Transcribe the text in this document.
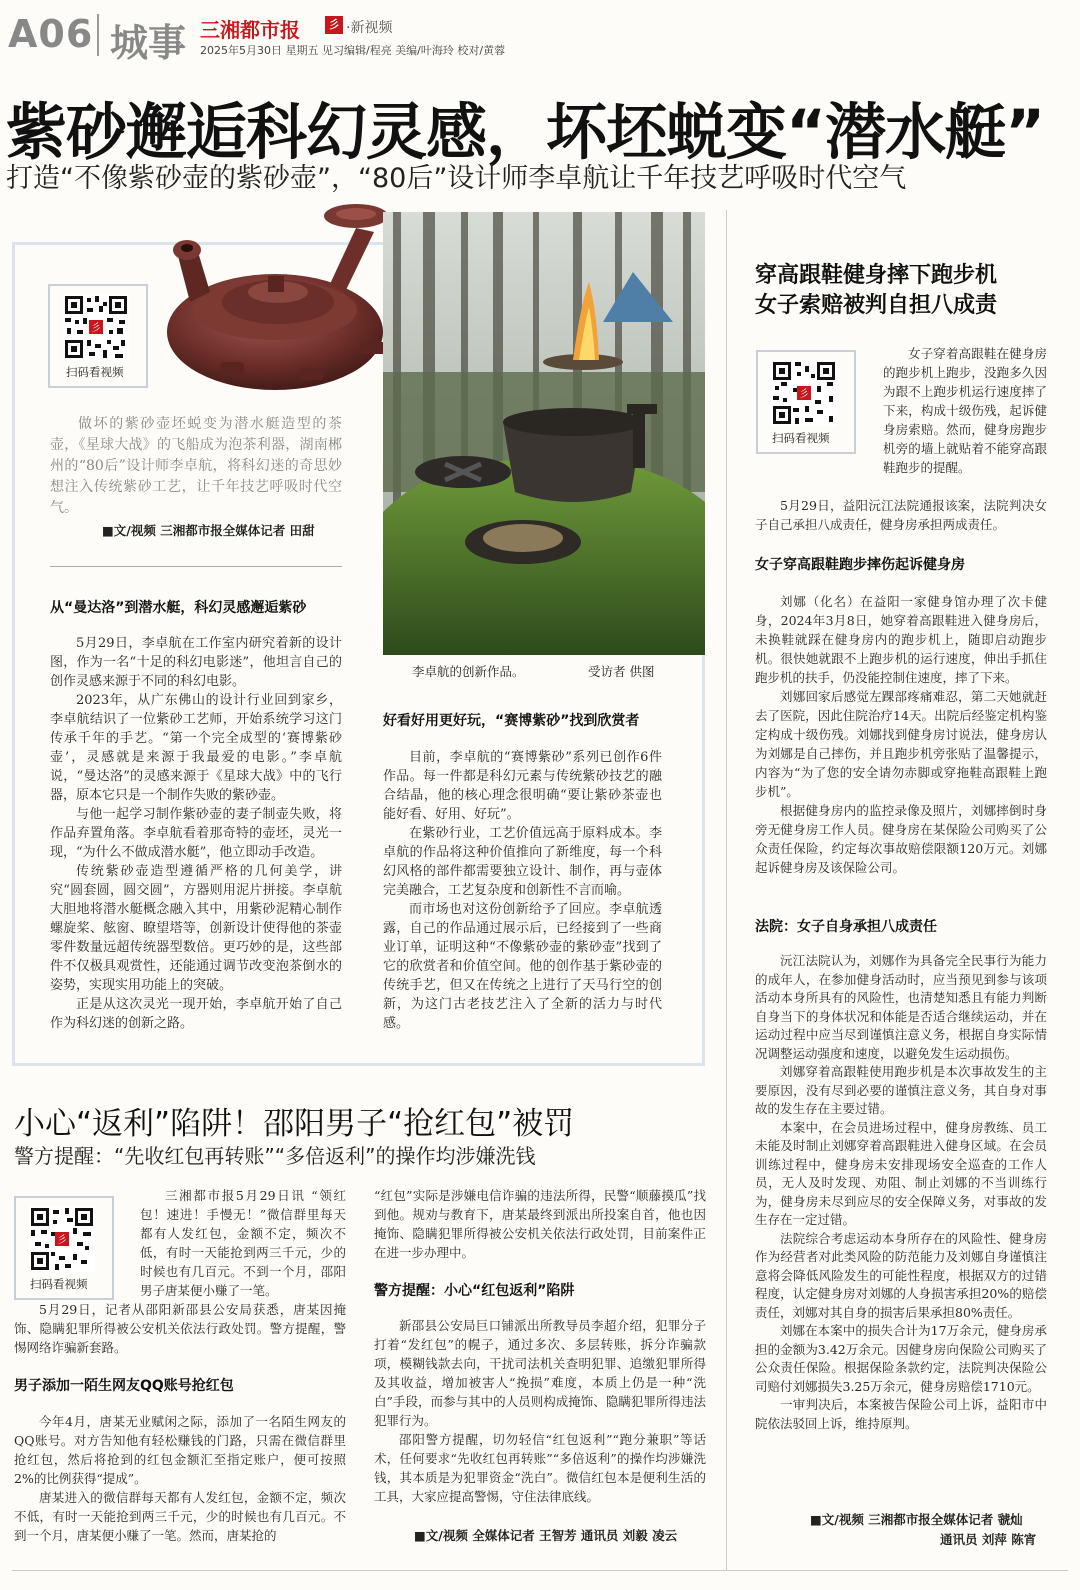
A06 城事 三湘都市报	彡 ·新视频
2025年5月30日 星期五 见习编辑/程亮 美编/叶海玲 校对/黄蓉
紫砂邂逅科幻灵感，坏坯蜕变“潜水艇”
打造“不像紫砂壶的紫砂壶”，“80后”设计师李卓航让千年技艺呼吸时代空气
彡
扫码看视频
做坏的紫砂壶坯蜕变为潜水艇造型的茶壶，《星球大战》的飞船成为泡茶利器，湖南郴州的“80后”设计师李卓航，将科幻迷的奇思妙想注入传统紫砂工艺，让千年技艺呼吸时代空气。
■文/视频 三湘都市报全媒体记者 田甜
李卓航的创新作品。	受访者 供图
从“曼达洛”到潜水艇，科幻灵感邂逅紫砂

5月29日，李卓航在工作室内研究着新的设计图，作为一名“十足的科幻电影迷”，他坦言自己的创作灵感来源于不同的科幻电影。

2023年，从广东佛山的设计行业回到家乡，李卓航结识了一位紫砂工艺师，开始系统学习这门传承千年的手艺。“第一个完全成型的‘赛博紫砂壶’，灵感就是来源于我最爱的电影。”李卓航说，“曼达洛”的灵感来源于《星球大战》中的飞行器，原本它只是一个制作失败的紫砂壶。

与他一起学习制作紫砂壶的妻子制壶失败，将作品弃置角落。李卓航看着那奇特的壶坯，灵光一现，“为什么不做成潜水艇”，他立即动手改造。

传统紫砂壶造型遵循严格的几何美学，讲究“圆套圆，圆交圆”，方器则用泥片拼接。李卓航大胆地将潜水艇概念融入其中，用紫砂泥精心制作螺旋桨、舷窗、瞭望塔等，创新设计使得他的茶壶零件数量远超传统器型数倍。更巧妙的是，这些部件不仅极具观赏性，还能通过调节改变泡茶倒水的姿势，实现实用功能上的突破。

正是从这次灵光一现开始，李卓航开始了自己作为科幻迷的创新之路。

好看好用更好玩，“赛博紫砂”找到欣赏者

目前，李卓航的“赛博紫砂”系列已创作6件作品。每一件都是科幻元素与传统紫砂技艺的融合结晶，他的核心理念很明确“要让紫砂茶壶也能好看、好用、好玩”。

在紫砂行业，工艺价值远高于原料成本。李卓航的作品将这种价值推向了新维度，每一个科幻风格的部件都需要独立设计、制作，再与壶体完美融合，工艺复杂度和创新性不言而喻。

而市场也对这份创新给予了回应。李卓航透露，自己的作品通过展示后，已经接到了一些商业订单，证明这种“不像紫砂壶的紫砂壶”找到了它的欣赏者和价值空间。他的创作基于紫砂壶的传统手艺，但又在传统之上进行了天马行空的创新，为这门古老技艺注入了全新的活力与时代感。

穿高跟鞋健身摔下跑步机
女子索赔被判自担八成责
彡
扫码看视频

女子穿着高跟鞋在健身房的跑步机上跑步，没跑多久因为跟不上跑步机运行速度摔了下来，构成十级伤残，起诉健身房索赔。然而，健身房跑步机旁的墙上就贴着不能穿高跟鞋跑步的提醒。

5月29日，益阳沅江法院通报该案，法院判决女子自己承担八成责任，健身房承担两成责任。

女子穿高跟鞋跑步摔伤起诉健身房

刘娜（化名）在益阳一家健身馆办理了次卡健身，2024年3月8日，她穿着高跟鞋进入健身房后，未换鞋就踩在健身房内的跑步机上，随即启动跑步机。很快她就跟不上跑步机的运行速度，伸出手抓住跑步机的扶手，仍没能控制住速度，摔了下来。

刘娜回家后感觉左踝部疼痛难忍，第二天她就赶去了医院，因此住院治疗14天。出院后经鉴定机构鉴定构成十级伤残。刘娜找到健身房讨说法，健身房认为刘娜是自己摔伤，并且跑步机旁张贴了温馨提示，内容为“为了您的安全请勿赤脚或穿拖鞋高跟鞋上跑步机”。

根据健身房内的监控录像及照片，刘娜摔倒时身旁无健身房工作人员。健身房在某保险公司购买了公众责任保险，约定每次事故赔偿限额120万元。刘娜起诉健身房及该保险公司。

法院：女子自身承担八成责任

沅江法院认为，刘娜作为具备完全民事行为能力的成年人，在参加健身活动时，应当预见到参与该项活动本身所具有的风险性，也清楚知悉且有能力判断自身当下的身体状况和体能是否适合继续运动，并在运动过程中应当尽到谨慎注意义务，根据自身实际情况调整运动强度和速度，以避免发生运动损伤。

刘娜穿着高跟鞋使用跑步机是本次事故发生的主要原因，没有尽到必要的谨慎注意义务，其自身对事故的发生存在主要过错。

本案中，在会员进场过程中，健身房教练、员工未能及时制止刘娜穿着高跟鞋进入健身区域。在会员训练过程中，健身房未安排现场安全巡查的工作人员，无人及时发现、劝阻、制止刘娜的不当训练行为，健身房未尽到应尽的安全保障义务，对事故的发生存在一定过错。

法院综合考虑运动本身所存在的风险性、健身房作为经营者对此类风险的防范能力及刘娜自身谨慎注意将会降低风险发生的可能性程度，根据双方的过错程度，认定健身房对刘娜的人身损害承担20%的赔偿责任，刘娜对其自身的损害后果承担80%责任。

刘娜在本案中的损失合计为17万余元，健身房承担的金额为3.42万余元。因健身房向保险公司购买了公众责任保险。根据保险条款约定，法院判决保险公司赔付刘娜损失3.25万余元，健身房赔偿1710元。

一审判决后，本案被告保险公司上诉，益阳市中院依法驳回上诉，维持原判。

■文/视频 三湘都市报全媒体记者 虢灿
通讯员 刘萍 陈宵
小心“返利”陷阱！邵阳男子“抢红包”被罚
警方提醒：“先收红包再转账”“多倍返利”的操作均涉嫌洗钱
彡
扫码看视频

三湘都市报5月29日讯 “领红包！速进！手慢无！”微信群里每天都有人发红包，金额不定，频次不低，有时一天能抢到两三千元，少的时候也有几百元。不到一个月，邵阳男子唐某便小赚了一笔。

5月29日，记者从邵阳新邵县公安局获悉，唐某因掩饰、隐瞒犯罪所得被公安机关依法行政处罚。警方提醒，警惕网络诈骗新套路。

男子添加一陌生网友QQ账号抢红包

今年4月，唐某无业赋闲之际，添加了一名陌生网友的QQ账号。对方告知他有轻松赚钱的门路，只需在微信群里抢红包，然后将抢到的红包金额汇至指定账户，便可按照2%的比例获得“提成”。

唐某进入的微信群每天都有人发红包，金额不定，频次不低，有时一天能抢到两三千元，少的时候也有几百元。不到一个月，唐某便小赚了一笔。然而，唐某抢的

“红包”实际是涉嫌电信诈骗的违法所得，民警“顺藤摸瓜”找到他。规劝与教育下，唐某最终到派出所投案自首，他也因掩饰、隐瞒犯罪所得被公安机关依法行政处罚，目前案件正在进一步办理中。

警方提醒：小心“红包返利”陷阱

新邵县公安局巨口铺派出所教导员李超介绍，犯罪分子打着“发红包”的幌子，通过多次、多层转账，拆分诈骗款项，模糊钱款去向，干扰司法机关查明犯罪、追缴犯罪所得及其收益，增加被害人“挽损”难度，本质上仍是一种“洗白”手段，而参与其中的人员则构成掩饰、隐瞒犯罪所得违法犯罪行为。

邵阳警方提醒，切勿轻信“红包返利”“跑分兼职”等话术，任何要求“先收红包再转账”“多倍返利”的操作均涉嫌洗钱，其本质是为犯罪资金“洗白”。微信红包本是便利生活的工具，大家应提高警惕，守住法律底线。

■文/视频 全媒体记者 王智芳 通讯员 刘毅 凌云
